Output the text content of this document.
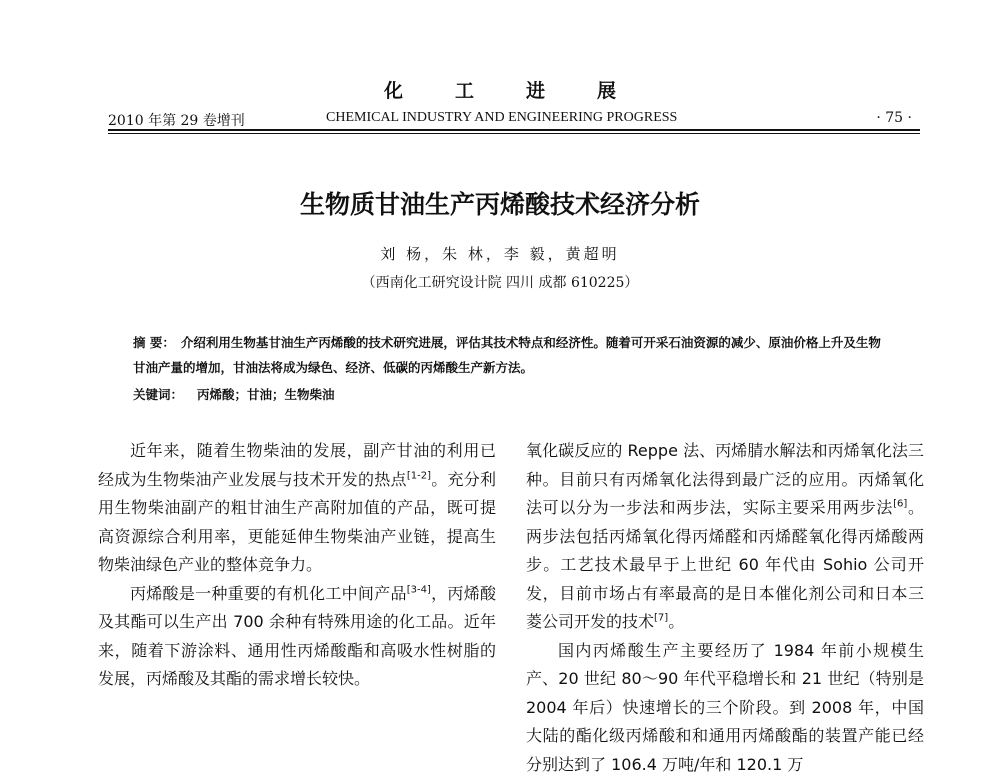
化工进展
2010 年第 29 卷增刊	CHEMICAL INDUSTRY AND ENGINEERING PROGRESS	· 75 ·
生物质甘油生产丙烯酸技术经济分析
刘 杨，朱 林，李 毅，黄超明
（西南化工研究设计院 四川 成都 610225）
摘 要： 介绍利用生物基甘油生产丙烯酸的技术研究进展，评估其技术特点和经济性。随着可开采石油资源的减少、原油价格上升及生物甘油产量的增加，甘油法将成为绿色、经济、低碳的丙烯酸生产新方法。
关键词： 丙烯酸；甘油；生物柴油

近年来，随着生物柴油的发展，副产甘油的利用已经成为生物柴油产业发展与技术开发的热点[1-2]。充分利用生物柴油副产的粗甘油生产高附加值的产品，既可提高资源综合利用率，更能延伸生物柴油产业链，提高生物柴油绿色产业的整体竞争力。

丙烯酸是一种重要的有机化工中间产品[3-4]，丙烯酸及其酯可以生产出 700 余种有特殊用途的化工品。近年来，随着下游涂料、通用性丙烯酸酯和高吸水性树脂的发展，丙烯酸及其酯的需求增长较快。

氧化碳反应的 Reppe 法、丙烯腈水解法和丙烯氧化法三种。目前只有丙烯氧化法得到最广泛的应用。丙烯氧化法可以分为一步法和两步法，实际主要采用两步法[6]。两步法包括丙烯氧化得丙烯醛和丙烯醛氧化得丙烯酸两步。工艺技术最早于上世纪 60 年代由 Sohio 公司开发，目前市场占有率最高的是日本催化剂公司和日本三菱公司开发的技术[7]。

国内丙烯酸生产主要经历了 1984 年前小规模生产、20 世纪 80～90 年代平稳增长和 21 世纪（特别是 2004 年后）快速增长的三个阶段。到 2008 年，中国大陆的酯化级丙烯酸和和通用丙烯酸酯的装置产能已经分别达到了 106.4 万吨/年和 120.1 万
